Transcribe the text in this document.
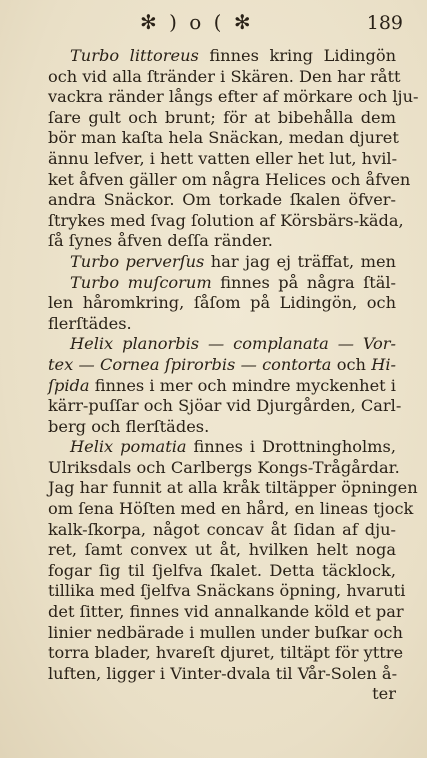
✻ ) o ( ✻	189
Turbo littoreus finnes kring Lidingön
och vid alla ſtränder i Skären. Den har rått
vackra ränder långs efter af mörkare och lju-
ſare gult och brunt; för at bibehålla dem
bör man kaſta hela Snäckan, medan djuret
ännu lefver, i hett vatten eller het lut, hvil-
ket åfven gäller om några Helices och åfven
andra Snäckor. Om torkade ſkalen öfver-
ſtrykes med ſvag ſolution af Körsbärs-käda,
ſå ſynes åfven deſſa ränder.
Turbo perverſus har jag ej träffat, men
Turbo muſcorum finnes på några ſtäl-
len håromkring, ſåſom på Lidingön, och
flerſtädes.
Helix planorbis — complanata — Vor-
tex — Cornea ſpirorbis — contorta och Hi-
ſpida finnes i mer och mindre myckenhet i
kärr-puſſar och Sjöar vid Djurgården, Carl-
berg och flerſtädes.
Helix pomatia finnes i Drottningholms,
Ulriksdals och Carlbergs Kongs-Trågårdar.
Jag har funnit at alla kråk tiltäpper öpningen
om ſena Höſten med en hård, en lineas tjock
kalk-ſkorpa, något concav åt ſidan af dju-
ret, ſamt convex ut åt, hvilken helt noga
fogar ſig til ſjelfva ſkalet. Detta täcklock,
tillika med ſjelfva Snäckans öpning, hvaruti
det ſitter, finnes vid annalkande köld et par
linier nedbärade i mullen under buſkar och
torra blader, hvareſt djuret, tiltäpt för yttre
luften, ligger i Vinter-dvala til Vår-Solen å-
ter
